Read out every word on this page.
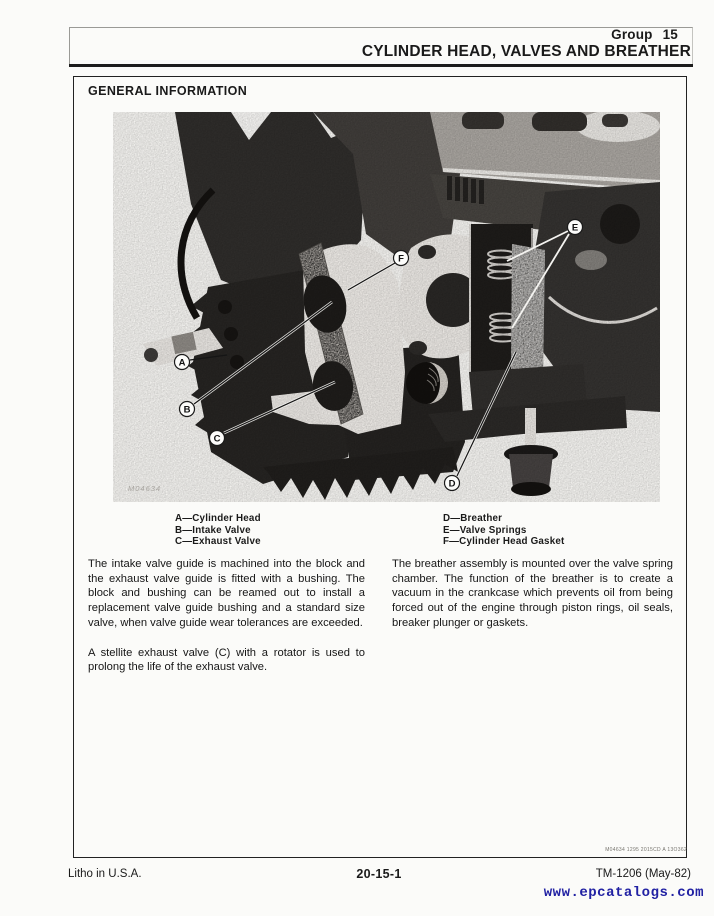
Group 15
CYLINDER HEAD, VALVES AND BREATHER
GENERAL INFORMATION
A
B
C
D
E
F
M04634
A—Cylinder Head
B—Intake Valve
C—Exhaust Valve
D—Breather
E—Valve Springs
F—Cylinder Head Gasket

The intake valve guide is machined into the block and the exhaust valve guide is fitted with a bushing. The block and bushing can be reamed out to install a replacement valve guide bushing and a standard size valve, when valve guide wear tolerances are exceeded.

A stellite exhaust valve (C) with a rotator is used to prolong the life of the exhaust valve.

The breather assembly is mounted over the valve spring chamber. The function of the breather is to create a vacuum in the crankcase which prevents oil from being forced out of the engine through piston rings, oil seals, breaker plunger or gaskets.

M04634 1295 2015CD A 13O362
Litho in U.S.A.	20-15-1	TM-1206 (May-82)
www.epcatalogs.com
